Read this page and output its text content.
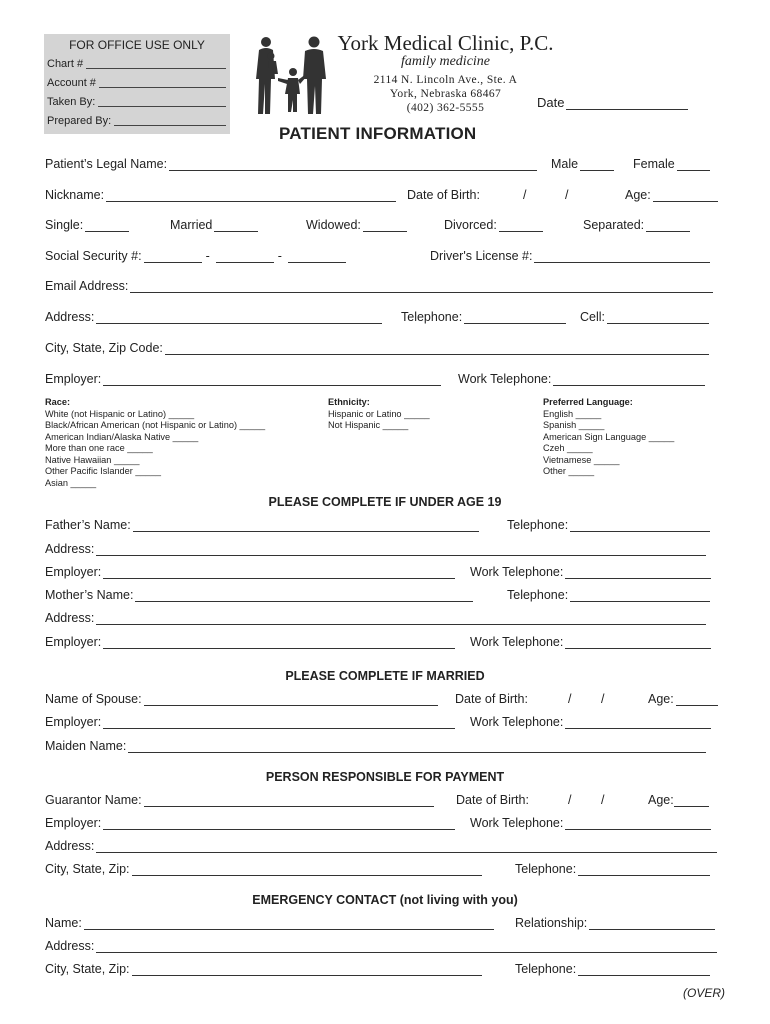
FOR OFFICE USE ONLY
Chart #
Account #
Taken By:
Prepared By:
York Medical Clinic, P.C.
family medicine
2114 N. Lincoln Ave., Ste. A
York, Nebraska 68467
(402) 362-5555	Date
PATIENT INFORMATION
Patient’s Legal Name:	Male	Female
Nickname:	Date of Birth:	/	/	Age:
Single:	Married	Widowed:	Divorced:	Separated:
Social Security #:	-	-	Driver's License #:
Email Address:
Address:	Telephone:	Cell:
City, State, Zip Code:
Employer:	Work Telephone:
Race:
White (not Hispanic or Latino) _____
Black/African American (not Hispanic or Latino) _____
American Indian/Alaska Native _____
More than one race _____
Native Hawaiian _____
Other Pacific Islander _____
Asian _____
Ethnicity:
Hispanic or Latino _____
Not Hispanic _____
Preferred Language:
English _____
Spanish _____
American Sign Language _____
Czeh _____
Vietnamese _____
Other _____
PLEASE COMPLETE IF UNDER AGE 19
Father’s Name:	Telephone:
Address:
Employer:	Work Telephone:
Mother’s Name:	Telephone:
Address:
Employer:	Work Telephone:
PLEASE COMPLETE IF MARRIED
Name of Spouse:	Date of Birth:	/ /	Age:
Employer:	Work Telephone:
Maiden Name:
PERSON RESPONSIBLE FOR PAYMENT
Guarantor Name:	Date of Birth:	/ /	Age:
Employer:	Work Telephone:
Address:
City, State, Zip:	Telephone:
EMERGENCY CONTACT (not living with you)
Name:	Relationship:
Address:
City, State, Zip:	Telephone:
(OVER)
